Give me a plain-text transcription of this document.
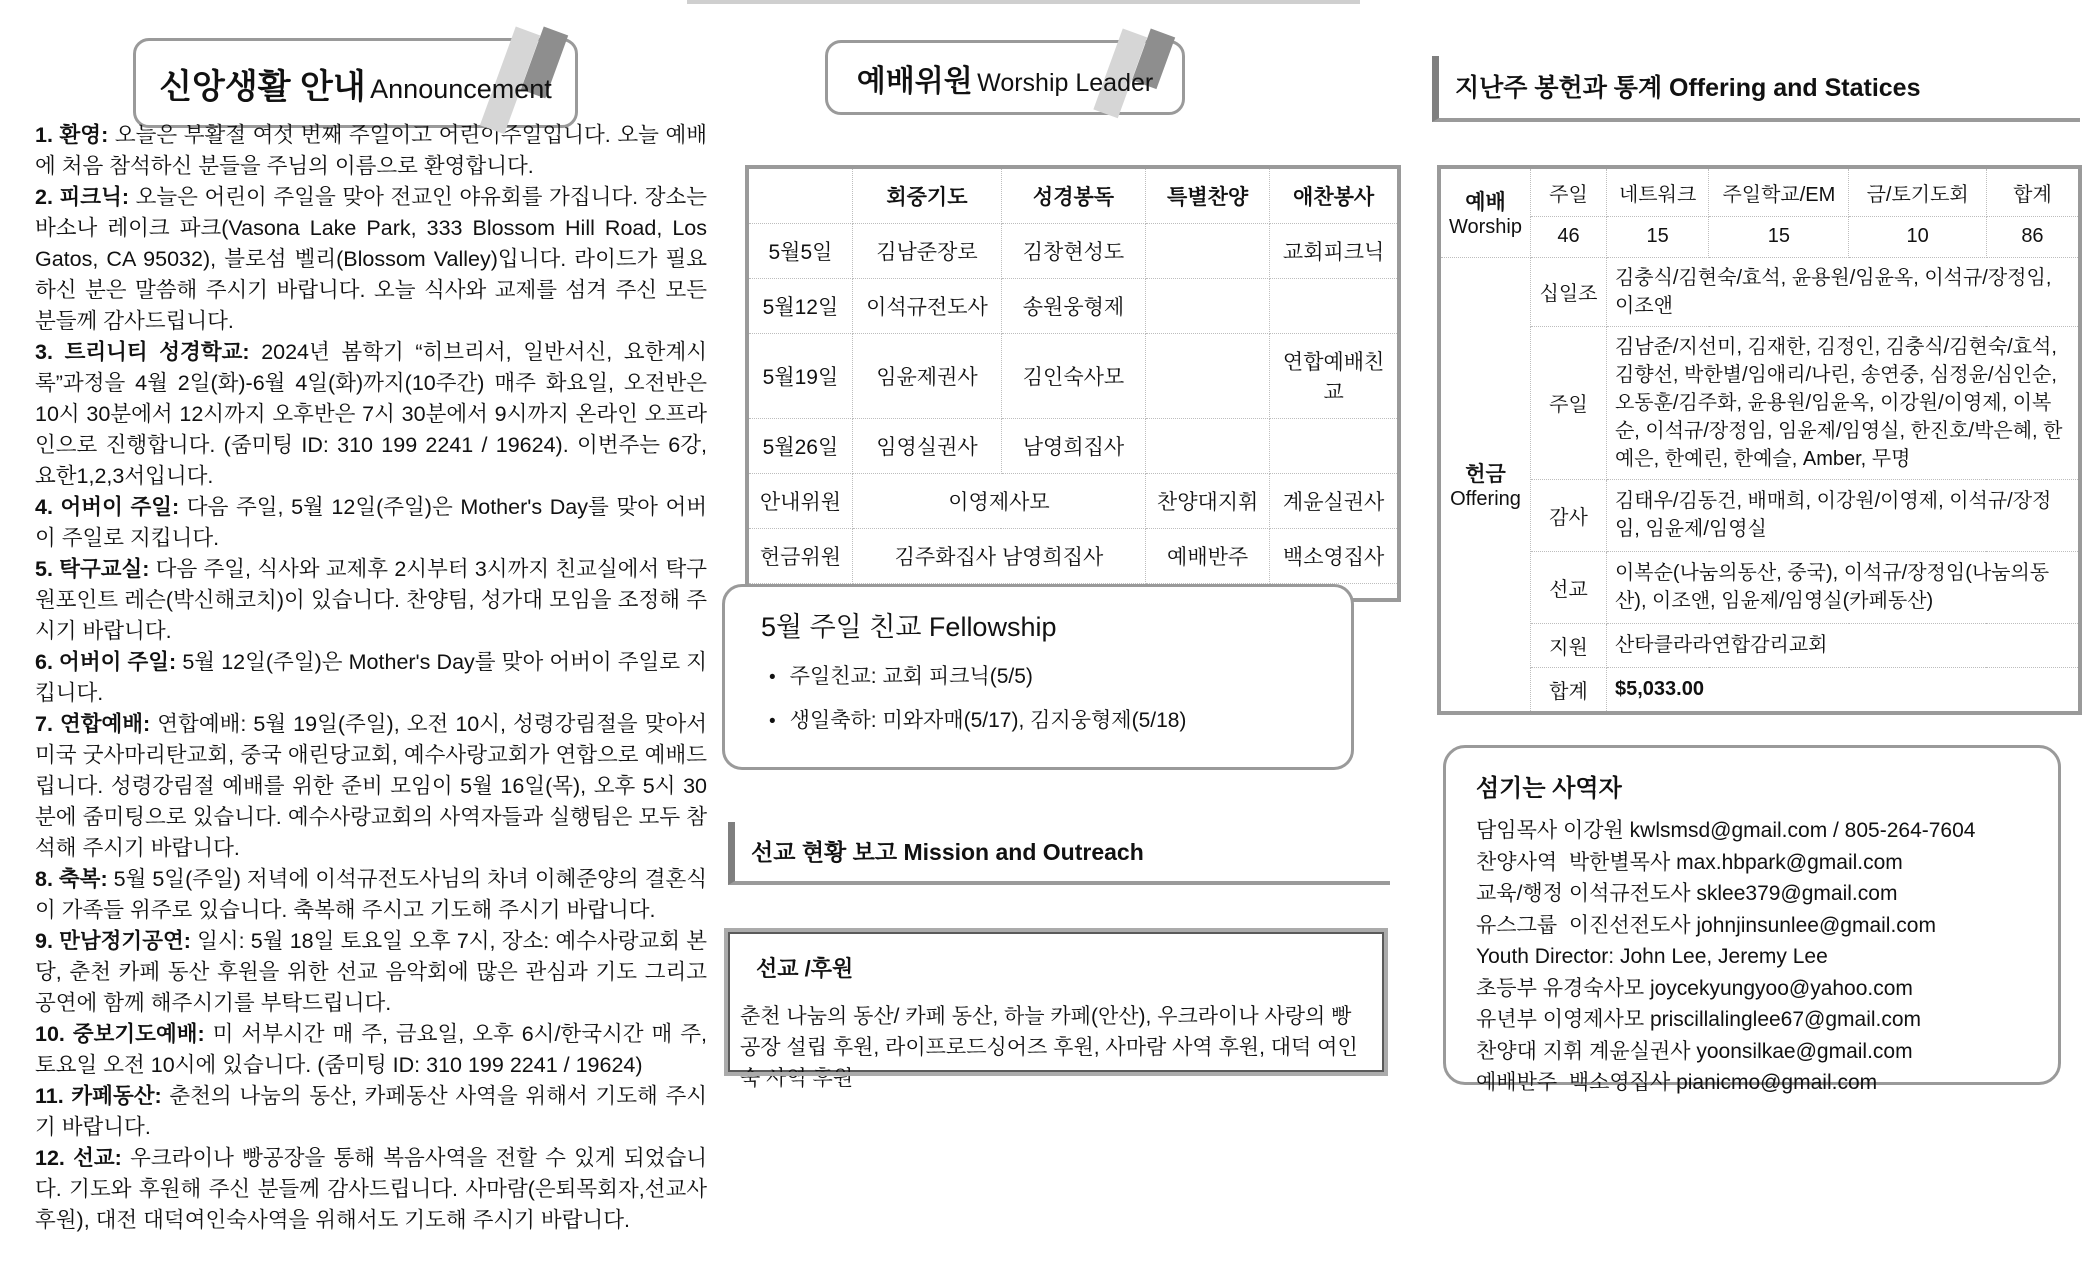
신앙생활 안내 Announcement

1. 환영: 오늘은 부활절 여섯 번째 주일이고 어린이주일입니다. 오늘 예배에 처음 참석하신 분들을 주님의 이름으로 환영합니다.

2. 피크닉: 오늘은 어린이 주일을 맞아 전교인 야유회를 가집니다. 장소는 바소나 레이크 파크(Vasona Lake Park, 333 Blossom Hill Road, Los Gatos, CA 95032), 블로섬 벨리(Blossom Valley)입니다. 라이드가 필요하신 분은 말씀해 주시기 바랍니다. 오늘 식사와 교제를 섬겨 주신 모든 분들께 감사드립니다.

3. 트리니티 성경학교: 2024년 봄학기 “히브리서, 일반서신, 요한계시록”과정을 4월 2일(화)-6월 4일(화)까지(10주간) 매주 화요일, 오전반은 10시 30분에서 12시까지 오후반은 7시 30분에서 9시까지 온라인 오프라인으로 진행합니다. (줌미팅 ID: 310 199 2241 / 19624). 이번주는 6강, 요한1,2,3서입니다.

4. 어버이 주일: 다음 주일, 5월 12일(주일)은 Mother's Day를 맞아 어버이 주일로 지킵니다.

5. 탁구교실: 다음 주일, 식사와 교제후 2시부터 3시까지 친교실에서 탁구 원포인트 레슨(박신해코치)이 있습니다. 찬양팀, 성가대 모임을 조정해 주시기 바랍니다.

6. 어버이 주일: 5월 12일(주일)은 Mother's Day를 맞아 어버이 주일로 지킵니다.

7. 연합예배: 연합예배: 5월 19일(주일), 오전 10시, 성령강림절을 맞아서 미국 굿사마리탄교회, 중국 애린당교회, 예수사랑교회가 연합으로 예배드립니다. 성령강림절 예배를 위한 준비 모임이 5월 16일(목), 오후 5시 30분에 줌미팅으로 있습니다. 예수사랑교회의 사역자들과 실행팀은 모두 참석해 주시기 바랍니다.

8. 축복: 5월 5일(주일) 저녁에 이석규전도사님의 차녀 이혜준양의 결혼식이 가족들 위주로 있습니다. 축복해 주시고 기도해 주시기 바랍니다.

9. 만남정기공연: 일시: 5월 18일 토요일 오후 7시, 장소: 예수사랑교회 본당, 춘천 카페 동산 후원을 위한 선교 음악회에 많은 관심과 기도 그리고 공연에 함께 해주시기를 부탁드립니다.

10. 중보기도예배: 미 서부시간 매 주, 금요일, 오후 6시/한국시간 매 주, 토요일 오전 10시에 있습니다. (줌미팅 ID: 310 199 2241 / 19624)

11. 카페동산: 춘천의 나눔의 동산, 카페동산 사역을 위해서 기도해 주시기 바랍니다.

12. 선교: 우크라이나 빵공장을 통해 복음사역을 전할 수 있게 되었습니다. 기도와 후원해 주신 분들께 감사드립니다. 사마람(은퇴목회자,선교사 후원), 대전 대덕여인숙사역을 위해서도 기도해 주시기 바랍니다.

예배위원 Worship Leader
	회중기도	성경봉독	특별찬양	애찬봉사
5월5일	김남준장로	김창현성도		교회피크닉
5월12일	이석규전도사	송원웅형제		
5월19일	임윤제권사	김인숙사모		연합예배친교
5월26일	임영실권사	남영희집사		
안내위원	이영제사모		찬양대지휘	계윤실권사
헌금위원	김주화집사 남영희집사		예배반주	백소영집사

5월 주일 친교 Fellowship
• 주일친교: 교회 피크닉(5/5)
• 생일축하: 미와자매(5/17), 김지웅형제(5/18)
선교 현황 보고 Mission and Outreach
선교 /후원
춘천 나눔의 동산/ 카페 동산, 하늘 카페(안산), 우크라이나 사랑의 빵 공장 설립 후원, 라이프로드싱어즈 후원, 사마람 사역 후원, 대덕 여인숙 사역 후원
지난주 봉헌과 통계 Offering and Statices
예배
Worship	주일	네트워크	주일학교/EM	금/토기도회	합계
	46	15	15	10	86
헌금
Offering	십일조	김충식/김현숙/효석, 윤용원/임윤옥, 이석규/장정임, 이조앤			
	주일	김남준/지선미, 김재한, 김정인, 김충식/김현숙/효석, 김향선, 박한별/임애리/나린, 송연중, 심정윤/심인순, 오동훈/김주화, 윤용원/임윤옥, 이강원/이영제, 이복순, 이석규/장정임, 임윤제/임영실, 한진호/박은혜, 한예은, 한예린, 한예슬, Amber, 무명			
	감사	김태우/김동건, 배매희, 이강원/이영제, 이석규/장정임, 임윤제/임영실			
	선교	이복순(나눔의동산, 중국), 이석규/장정임(나눔의동산), 이조앤, 임윤제/임영실(카페동산)			
	지원	산타클라라연합감리교회			
	합계	$5,033.00			
섬기는 사역자
담임목사 이강원 kwlsmsd@gmail.com / 805-264-7604
찬양사역  박한별목사 max.hbpark@gmail.com
교육/행정 이석규전도사 sklee379@gmail.com
유스그룹  이진선전도사 johnjinsunlee@gmail.com
Youth Director: John Lee, Jeremy Lee
초등부 유경숙사모 joycekyungyoo@yahoo.com
유년부 이영제사모 priscillalinglee67@gmail.com
찬양대 지휘 계윤실권사 yoonsilkae@gmail.com
예배반주  백소영집사 pianicmo@gmail.com
